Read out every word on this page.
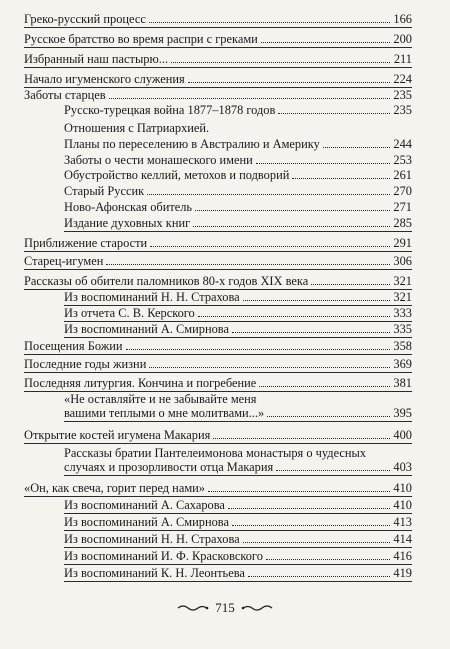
Греко-русский процесс	166
Русское братство во время распри с греками	200
Избранный наш пастырю...	211
Начало игуменского служения	224
Заботы старцев	235
Русско-турецкая война 1877–1878 годов	235
Отношения с Патриархией.
Планы по переселению в Австралию и Америку	244
Заботы о чести монашеского имени	253
Обустройство келлий, метохов и подворий	261
Старый Руссик	270
Ново-Афонская обитель	271
Издание духовных книг	285
Приближение старости	291
Старец-игумен	306
Рассказы об обители паломников 80-х годов XIX века	321
Из воспоминаний Н. Н. Страхова	321
Из отчета С. В. Керского	333
Из воспоминаний А. Смирнова	335
Посещения Божии	358
Последние годы жизни	369
Последняя литургия. Кончина и погребение	381
«Не оставляйте и не забывайте меня
вашими теплыми о мне молитвами...»	395
Открытие костей игумена Макария	400
Рассказы братии Пантелеимонова монастыря о чудесных
случаях и прозорливости отца Макария	403
«Он, как свеча, горит перед нами»	410
Из воспоминаний А. Сахарова	410
Из воспоминаний А. Смирнова	413
Из воспоминаний Н. Н. Страхова	414
Из воспоминаний И. Ф. Красковского	416
Из воспоминаний К. Н. Леонтьева	419
715
